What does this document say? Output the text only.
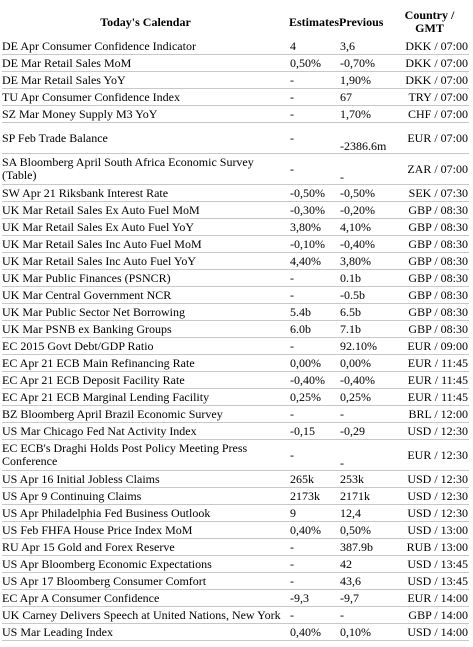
Today's Calendar	Estimates	Previous	Country /
GMT
DE Apr Consumer Confidence Indicator	4	3,6	DKK / 07:00
DE Mar Retail Sales MoM	0,50%	-0,70%	DKK / 07:00
DE Mar Retail Sales YoY	-	1,90%	DKK / 07:00
TU Apr Consumer Confidence Index	-	67	TRY / 07:00
SZ Mar Money Supply M3 YoY	-	1,70%	CHF / 07:00
SP Feb Trade Balance	-	-2386.6m	EUR / 07:00
SA Bloomberg April South Africa Economic Survey (Table)	-	-	ZAR / 07:00
SW Apr 21 Riksbank Interest Rate	-0,50%	-0,50%	SEK / 07:30
UK Mar Retail Sales Ex Auto Fuel MoM	-0,30%	-0,20%	GBP / 08:30
UK Mar Retail Sales Ex Auto Fuel YoY	3,80%	4,10%	GBP / 08:30
UK Mar Retail Sales Inc Auto Fuel MoM	-0,10%	-0,40%	GBP / 08:30
UK Mar Retail Sales Inc Auto Fuel YoY	4,40%	3,80%	GBP / 08:30
UK Mar Public Finances (PSNCR)	-	0.1b	GBP / 08:30
UK Mar Central Government NCR	-	-0.5b	GBP / 08:30
UK Mar Public Sector Net Borrowing	5.4b	6.5b	GBP / 08:30
UK Mar PSNB ex Banking Groups	6.0b	7.1b	GBP / 08:30
EC 2015 Govt Debt/GDP Ratio	-	92.10%	EUR / 09:00
EC Apr 21 ECB Main Refinancing Rate	0,00%	0,00%	EUR / 11:45
EC Apr 21 ECB Deposit Facility Rate	-0,40%	-0,40%	EUR / 11:45
EC Apr 21 ECB Marginal Lending Facility	0,25%	0,25%	EUR / 11:45
BZ Bloomberg April Brazil Economic Survey	-	-	BRL / 12:00
US Mar Chicago Fed Nat Activity Index	-0,15	-0,29	USD / 12:30
EC ECB's Draghi Holds Post Policy Meeting Press Conference	-	-	EUR / 12:30
US Apr 16 Initial Jobless Claims	265k	253k	USD / 12:30
US Apr 9 Continuing Claims	2173k	2171k	USD / 12:30
US Apr Philadelphia Fed Business Outlook	9	12,4	USD / 12:30
US Feb FHFA House Price Index MoM	0,40%	0,50%	USD / 13:00
RU Apr 15 Gold and Forex Reserve	-	387.9b	RUB / 13:00
US Apr Bloomberg Economic Expectations	-	42	USD / 13:45
US Apr 17 Bloomberg Consumer Comfort	-	43,6	USD / 13:45
EC Apr A Consumer Confidence	-9,3	-9,7	EUR / 14:00
UK Carney Delivers Speech at United Nations, New York	-	-	GBP / 14:00
US Mar Leading Index	0,40%	0,10%	USD / 14:00
